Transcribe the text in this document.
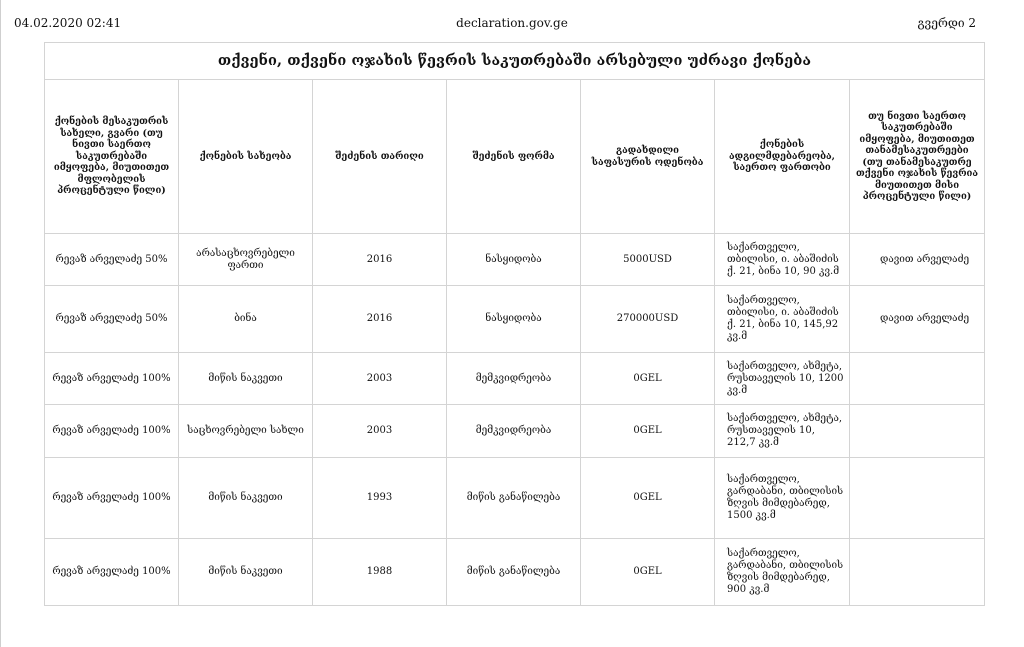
04.02.2020 02:41	declaration.gov.ge	გვერდი 2
თქვენი, თქვენი ოჯახის წევრის საკუთრებაში არსებული უძრავი ქონება						
ქონების მესაკუთრის სახელი, გვარი (თუ ნივთი საერთო საკუთრებაში იმყოფება, მიუთითეთ მფლობელის პროცენტული წილი)	ქონების სახეობა	შეძენის თარიღი	შეძენის ფორმა	გადახდილი საფასურის ოდენობა	ქონების ადგილმდებარეობა, საერთო ფართობი	თუ ნივთი საერთო საკუთრებაში იმყოფება, მიუთითეთ თანამესაკუთრეები (თუ თანამესაკუთრე თქვენი ოჯახის წევრია მიუთითეთ მისი პროცენტული წილი)
რევაზ არველაძე 50%	არასაცხოვრებელი ფართი	2016	ნასყიდობა	5000USD	საქართველო, თბილისი, ი. აბაშიძის ქ. 21, ბინა 10, 90 კვ.მ	დავით არველაძე
რევაზ არველაძე 50%	ბინა	2016	ნასყიდობა	270000USD	საქართველო, თბილისი, ი. აბაშიძის ქ. 21, ბინა 10, 145,92 კვ.მ	დავით არველაძე
რევაზ არველაძე 100%	მიწის ნაკვეთი	2003	მემკვიდრეობა	0GEL	საქართველო, ახმეტა, რუსთაველის 10, 1200 კვ.მ	
რევაზ არველაძე 100%	საცხოვრებელი სახლი	2003	მემკვიდრეობა	0GEL	საქართველო, ახმეტა, რუსთაველის 10, 212,7 კვ.მ	
რევაზ არველაძე 100%	მიწის ნაკვეთი	1993	მიწის განაწილება	0GEL	საქართველო, გარდაბანი, თბილისის ზღვის მიმდებარედ, 1500 კვ.მ	
რევაზ არველაძე 100%	მიწის ნაკვეთი	1988	მიწის განაწილება	0GEL	საქართველო, გარდაბანი, თბილისის ზღვის მიმდებარედ, 900 კვ.მ	
